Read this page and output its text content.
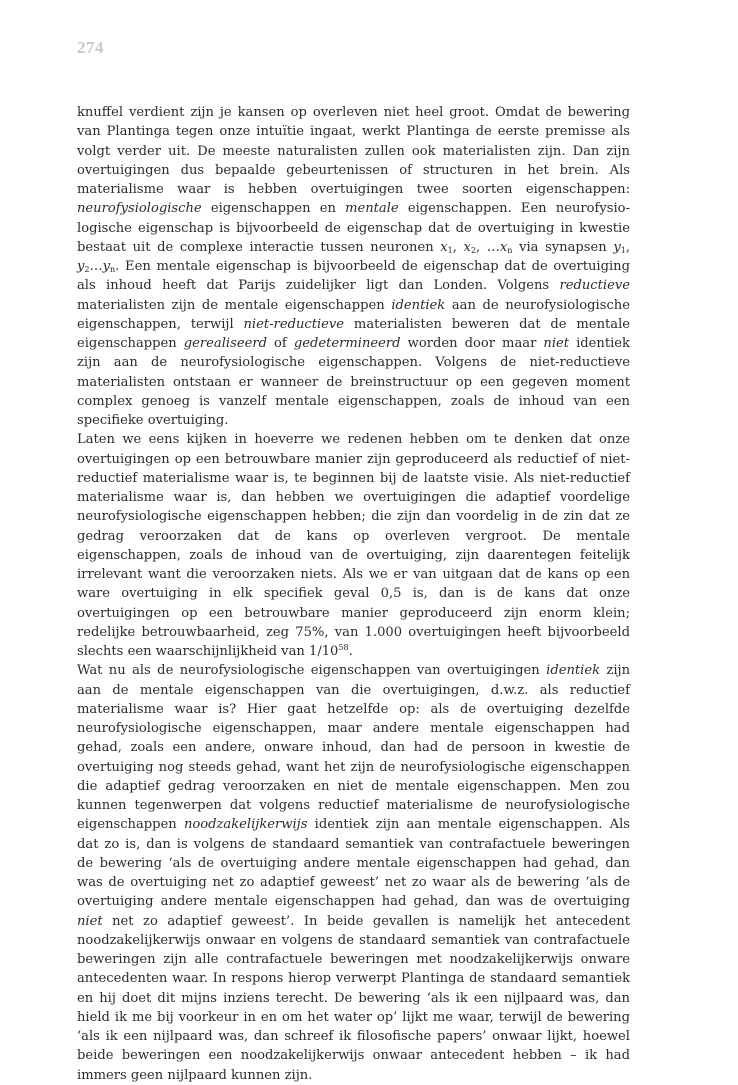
274

knuffel verdient zijn je kansen op overleven niet heel groot. Omdat de bewering van Plantinga tegen onze intuïtie ingaat, werkt Plantinga de eerste premisse als volgt verder uit. De meeste naturalisten zullen ook materialisten zijn. Dan zijn overtuigingen dus bepaalde gebeurtenissen of structuren in het brein. Als materialisme waar is hebben overtuigingen twee soorten eigenschappen: neurofysiologische eigenschappen en mentale eigenschappen. Een neurofysiologische eigenschap is bijvoorbeeld de eigenschap dat de overtuiging in kwestie bestaat uit de complexe interactie tussen neuronen $x_1$, $x_2$, $\dots x_n$ via synapsen $y_1$, $y_2\dots y_n$. Een mentale eigenschap is bijvoorbeeld de eigenschap dat de overtuiging als inhoud heeft dat Parijs zuidelijker ligt dan Londen. Volgens reductieve materialisten zijn de mentale eigenschappen identiek aan de neurofysiologische eigenschappen, terwijl niet-reductieve materialisten beweren dat de mentale eigenschappen gerealiseerd of gedetermineerd worden door maar niet identiek zijn aan de neurofysiologische eigenschappen. Volgens de niet-reductieve materialisten ontstaan er wanneer de breinstructuur op een gegeven moment complex genoeg is vanzelf mentale eigenschappen, zoals de inhoud van een specifieke overtuiging.

Laten we eens kijken in hoeverre we redenen hebben om te denken dat onze overtuigingen op een betrouwbare manier zijn geproduceerd als reductief of niet-reductief materialisme waar is, te beginnen bij de laatste visie. Als niet-reductief materialisme waar is, dan hebben we overtuigingen die adaptief voordelige neurofysiologische eigenschappen hebben; die zijn dan voordelig in de zin dat ze gedrag veroorzaken dat de kans op overleven vergroot. De mentale eigenschappen, zoals de inhoud van de overtuiging, zijn daarentegen feitelijk irrelevant want die veroorzaken niets. Als we er van uitgaan dat de kans op een ware overtuiging in elk specifiek geval 0,5 is, dan is de kans dat onze overtuigingen op een betrouwbare manier geproduceerd zijn enorm klein; redelijke betrouwbaarheid, zeg 75%, van 1.000 overtuigingen heeft bijvoorbeeld slechts een waarschijnlijkheid van $1/10^{58}$.

Wat nu als de neurofysiologische eigenschappen van overtuigingen identiek zijn aan de mentale eigenschappen van die overtuigingen, d.w.z. als reductief materialisme waar is? Hier gaat hetzelfde op: als de overtuiging dezelfde neurofysiologische eigenschappen, maar andere mentale eigenschappen had gehad, zoals een andere, onware inhoud, dan had de persoon in kwestie de overtuiging nog steeds gehad, want het zijn de neurofysiologische eigenschappen die adaptief gedrag veroorzaken en niet de mentale eigenschappen. Men zou kunnen tegenwerpen dat volgens reductief materialisme de neurofysiologische eigenschappen noodzakelijkerwijs identiek zijn aan mentale eigenschappen. Als dat zo is, dan is volgens de standaard semantiek van contrafactuele beweringen de bewering ‘als de overtuiging andere mentale eigenschappen had gehad, dan was de overtuiging net zo adaptief geweest’ net zo waar als de bewering ‘als de overtuiging andere mentale eigenschappen had gehad, dan was de overtuiging niet net zo adaptief geweest’. In beide gevallen is namelijk het antecedent noodzakelijkerwijs onwaar en volgens de standaard semantiek van contrafactuele beweringen zijn alle contrafactuele beweringen met noodzakelijkerwijs onware antecedenten waar. In respons hierop verwerpt Plantinga de standaard semantiek en hij doet dit mijns inziens terecht. De bewering ‘als ik een nijlpaard was, dan hield ik me bij voorkeur in en om het water op’ lijkt me waar, terwijl de bewering ‘als ik een nijlpaard was, dan schreef ik filosofische papers’ onwaar lijkt, hoewel beide beweringen een noodzakelijkerwijs onwaar antecedent hebben – ik had immers geen nijlpaard kunnen zijn.
